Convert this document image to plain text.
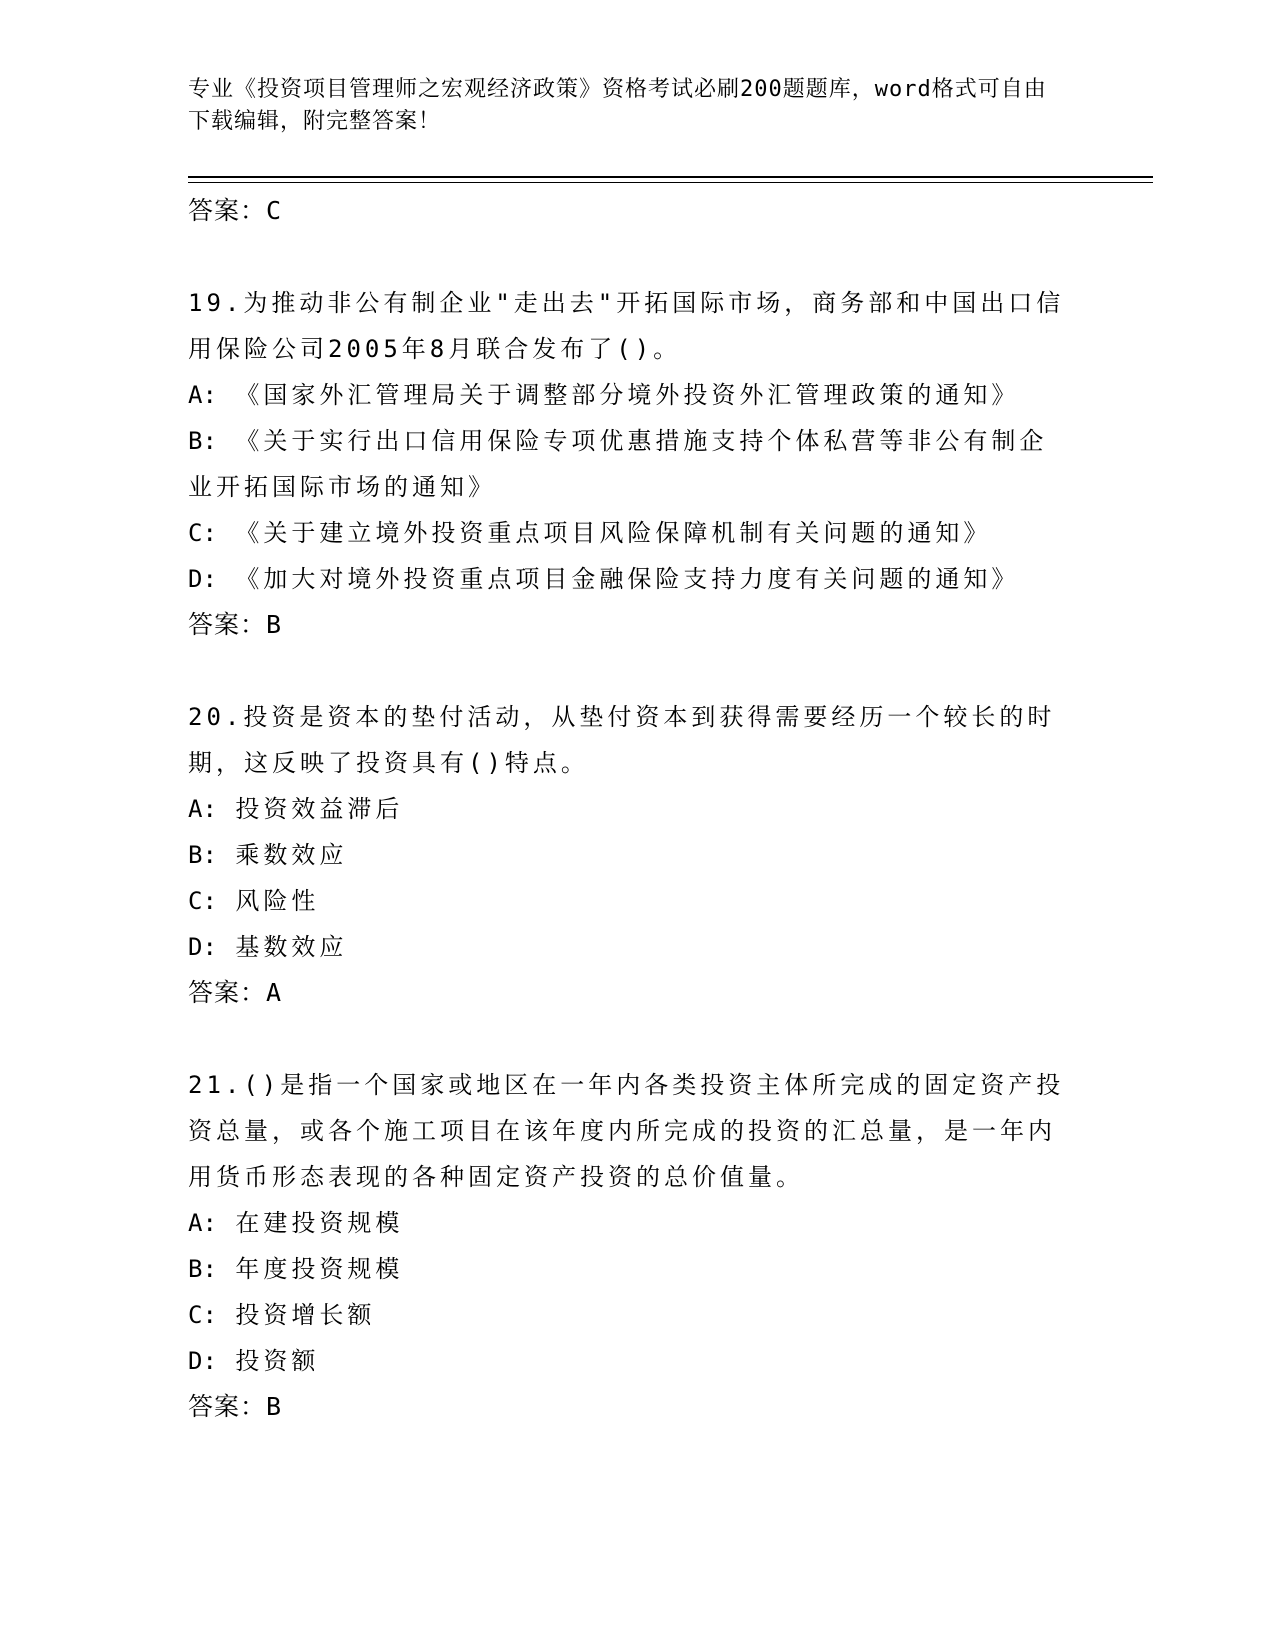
专业《投资项目管理师之宏观经济政策》资格考试必刷200题题库，word格式可自由下载编辑，附完整答案！
答案：C
19.为推动非公有制企业"走出去"开拓国际市场，商务部和中国出口信用保险公司2005年8月联合发布了()。
A: 《国家外汇管理局关于调整部分境外投资外汇管理政策的通知》
B: 《关于实行出口信用保险专项优惠措施支持个体私营等非公有制企业开拓国际市场的通知》
C: 《关于建立境外投资重点项目风险保障机制有关问题的通知》
D: 《加大对境外投资重点项目金融保险支持力度有关问题的通知》
答案：B
20.投资是资本的垫付活动，从垫付资本到获得需要经历一个较长的时期，这反映了投资具有()特点。
A: 投资效益滞后
B: 乘数效应
C: 风险性
D: 基数效应
答案：A
21.()是指一个国家或地区在一年内各类投资主体所完成的固定资产投资总量，或各个施工项目在该年度内所完成的投资的汇总量，是一年内用货币形态表现的各种固定资产投资的总价值量。
A: 在建投资规模
B: 年度投资规模
C: 投资增长额
D: 投资额
答案：B
